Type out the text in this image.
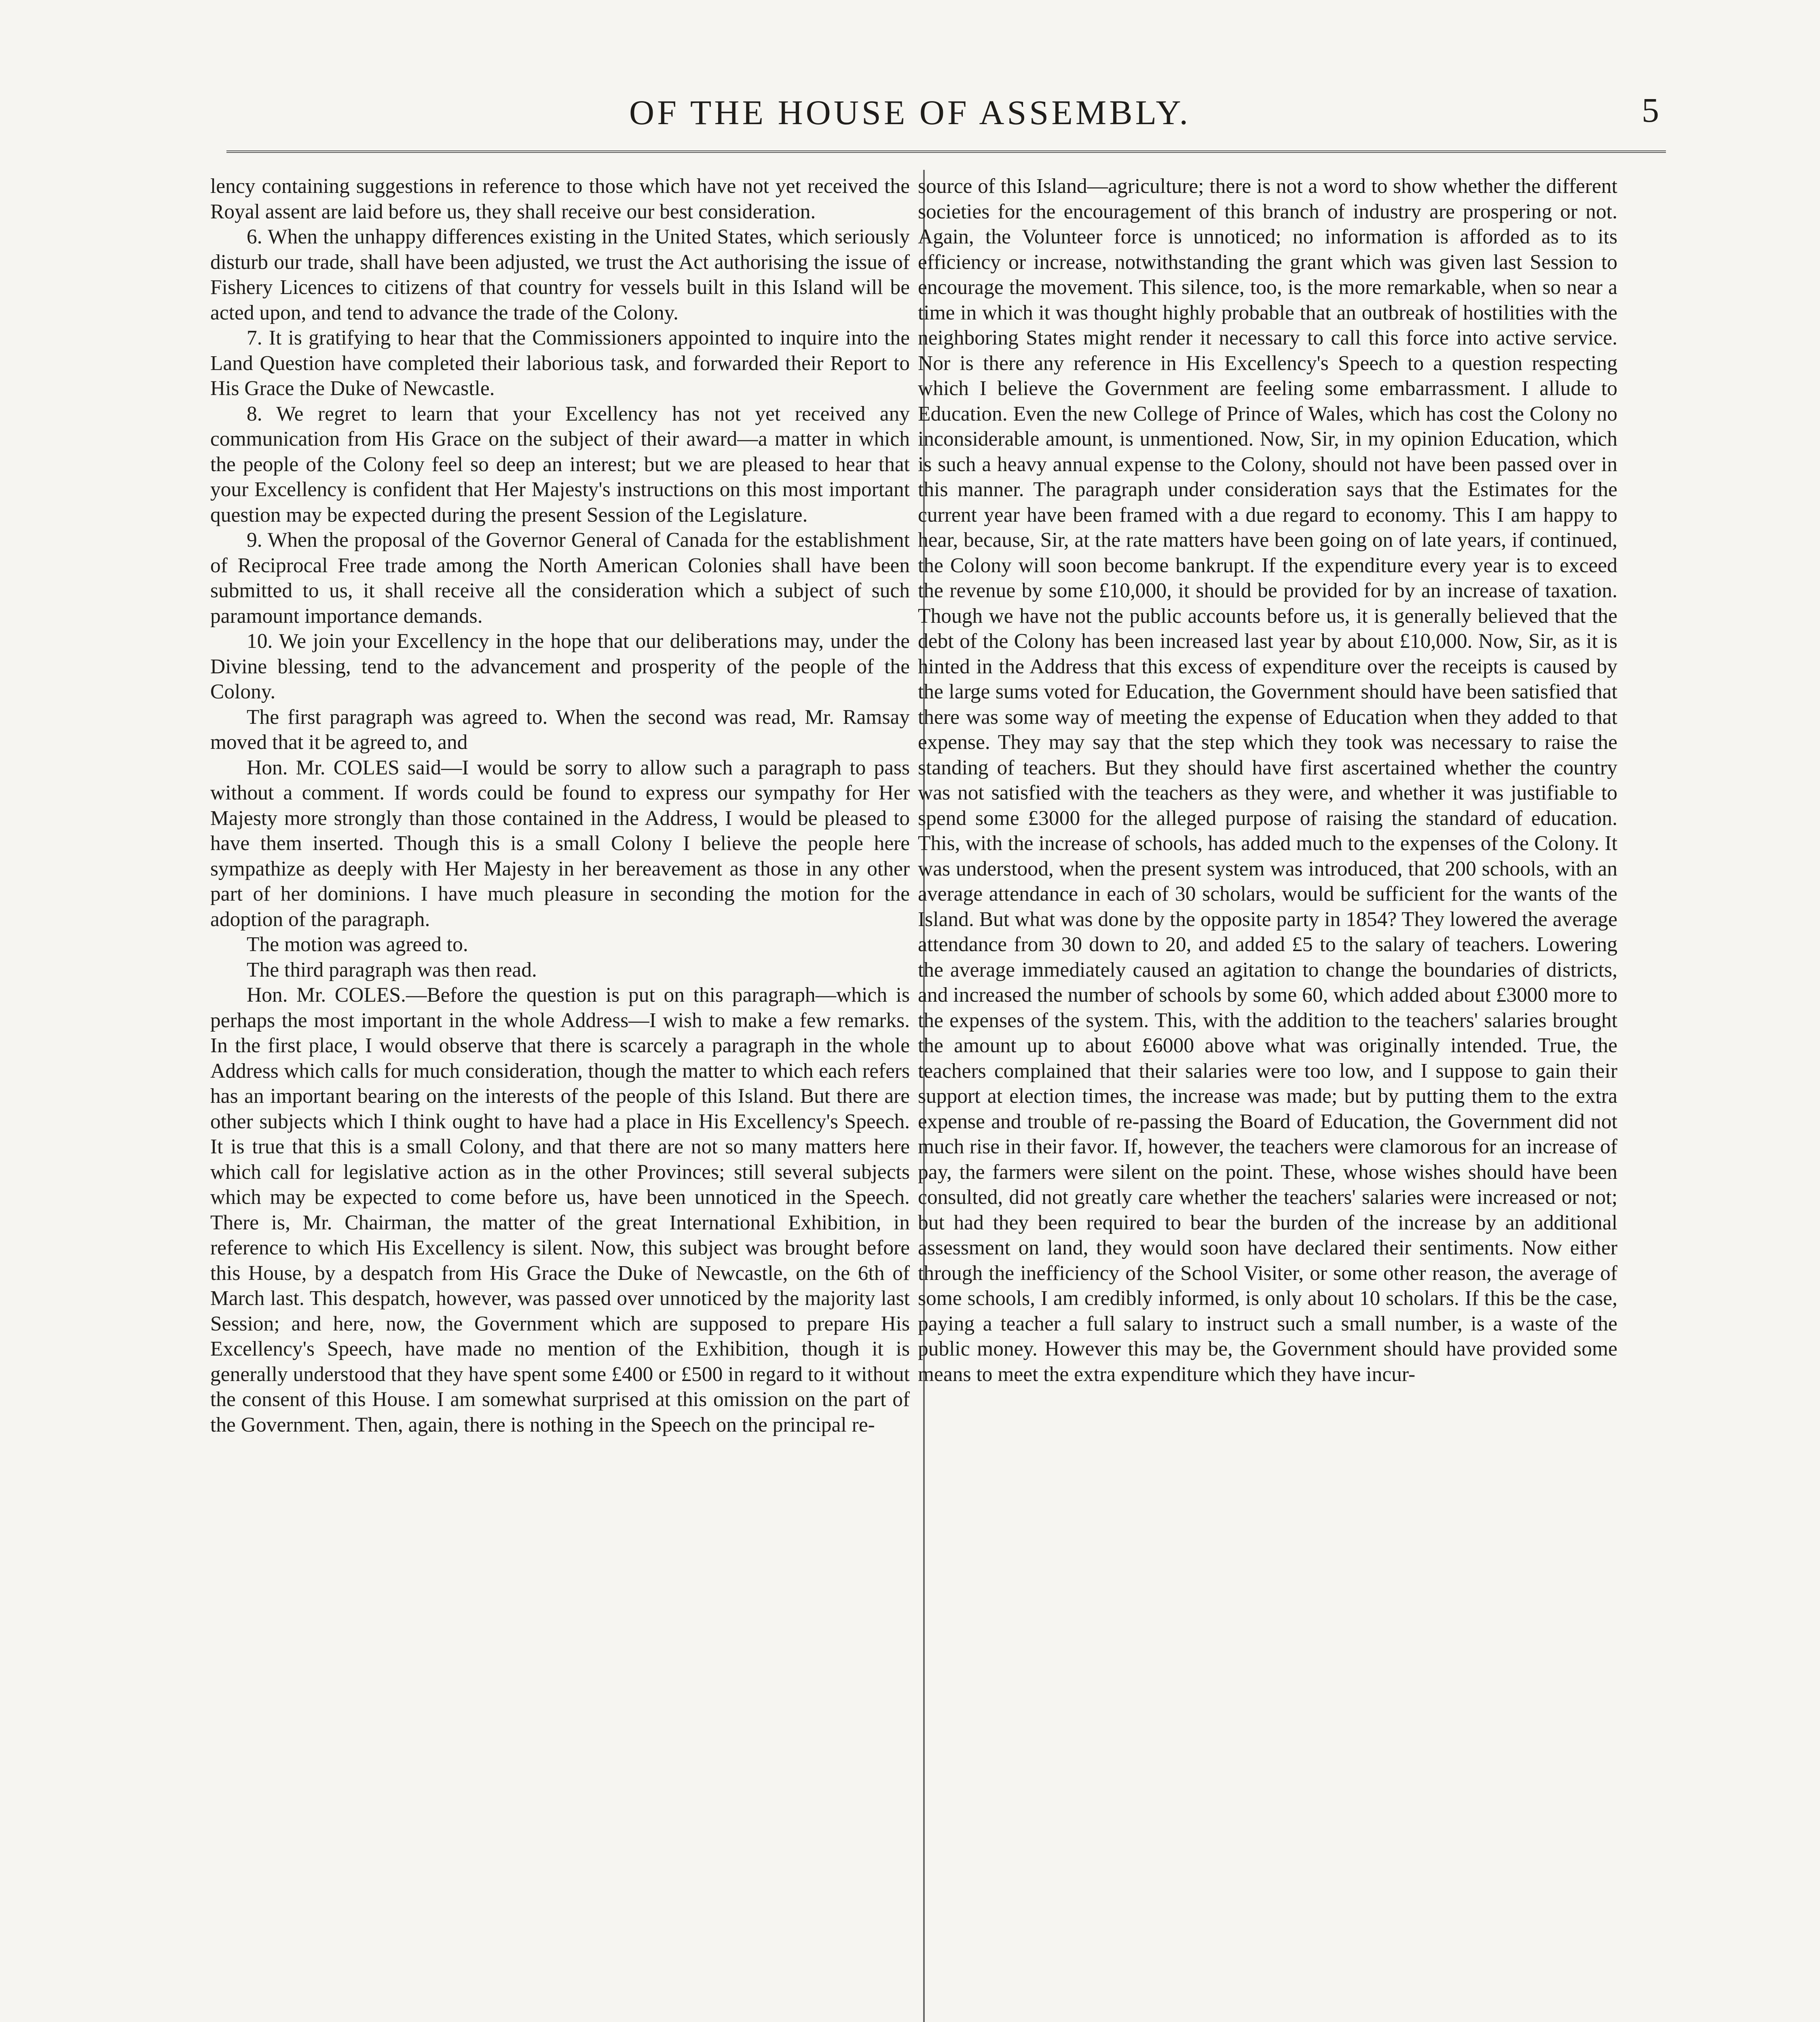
OF THE HOUSE OF ASSEMBLY.	5

lency containing suggestions in reference to those which have not yet received the Royal assent are laid before us, they shall receive our best consideration.

6. When the unhappy differences existing in the United States, which seriously disturb our trade, shall have been adjusted, we trust the Act authorising the issue of Fishery Licences to citizens of that country for vessels built in this Island will be acted upon, and tend to advance the trade of the Colony.

7. It is gratifying to hear that the Commissioners appointed to inquire into the Land Question have completed their laborious task, and forwarded their Report to His Grace the Duke of Newcastle.

8. We regret to learn that your Excellency has not yet received any communication from His Grace on the subject of their award—a matter in which the people of the Colony feel so deep an interest; but we are pleased to hear that your Excellency is confident that Her Majesty's instructions on this most important question may be expected during the present Session of the Legislature.

9. When the proposal of the Governor General of Canada for the establishment of Reciprocal Free trade among the North American Colonies shall have been submitted to us, it shall receive all the consideration which a subject of such paramount importance demands.

10. We join your Excellency in the hope that our deliberations may, under the Divine blessing, tend to the advancement and prosperity of the people of the Colony.

The first paragraph was agreed to. When the second was read, Mr. Ramsay moved that it be agreed to, and

Hon. Mr. COLES said—I would be sorry to allow such a paragraph to pass without a comment. If words could be found to express our sympathy for Her Majesty more strongly than those contained in the Address, I would be pleased to have them inserted. Though this is a small Colony I believe the people here sympathize as deeply with Her Majesty in her bereavement as those in any other part of her dominions. I have much pleasure in seconding the motion for the adoption of the paragraph.

The motion was agreed to.

The third paragraph was then read.

Hon. Mr. COLES.—Before the question is put on this paragraph—which is perhaps the most important in the whole Address—I wish to make a few remarks. In the first place, I would observe that there is scarcely a paragraph in the whole Address which calls for much consideration, though the matter to which each refers has an important bearing on the interests of the people of this Island. But there are other subjects which I think ought to have had a place in His Excellency's Speech. It is true that this is a small Colony, and that there are not so many matters here which call for legislative action as in the other Provinces; still several subjects which may be expected to come before us, have been unnoticed in the Speech. There is, Mr. Chairman, the matter of the great International Exhibition, in reference to which His Excellency is silent. Now, this subject was brought before this House, by a despatch from His Grace the Duke of Newcastle, on the 6th of March last. This despatch, however, was passed over unnoticed by the majority last Session; and here, now, the Government which are supposed to prepare His Excellency's Speech, have made no mention of the Exhibition, though it is generally understood that they have spent some £400 or £500 in regard to it without the consent of this House. I am somewhat surprised at this omission on the part of the Government. Then, again, there is nothing in the Speech on the principal re-

source of this Island—agriculture; there is not a word to show whether the different societies for the encouragement of this branch of industry are prospering or not. Again, the Volunteer force is unnoticed; no information is afforded as to its efficiency or increase, notwithstanding the grant which was given last Session to encourage the movement. This silence, too, is the more remarkable, when so near a time in which it was thought highly probable that an outbreak of hostilities with the neighboring States might render it necessary to call this force into active service. Nor is there any reference in His Excellency's Speech to a question respecting which I believe the Government are feeling some embarrassment. I allude to Education. Even the new College of Prince of Wales, which has cost the Colony no inconsiderable amount, is unmentioned. Now, Sir, in my opinion Education, which is such a heavy annual expense to the Colony, should not have been passed over in this manner. The paragraph under consideration says that the Estimates for the current year have been framed with a due regard to economy. This I am happy to hear, because, Sir, at the rate matters have been going on of late years, if continued, the Colony will soon become bankrupt. If the expenditure every year is to exceed the revenue by some £10,000, it should be provided for by an increase of taxation. Though we have not the public accounts before us, it is generally believed that the debt of the Colony has been increased last year by about £10,000. Now, Sir, as it is hinted in the Address that this excess of expenditure over the receipts is caused by the large sums voted for Education, the Government should have been satisfied that there was some way of meeting the expense of Education when they added to that expense. They may say that the step which they took was necessary to raise the standing of teachers. But they should have first ascertained whether the country was not satisfied with the teachers as they were, and whether it was justifiable to spend some £3000 for the alleged purpose of raising the standard of education. This, with the increase of schools, has added much to the expenses of the Colony. It was understood, when the present system was introduced, that 200 schools, with an average attendance in each of 30 scholars, would be sufficient for the wants of the Island. But what was done by the opposite party in 1854? They lowered the average attendance from 30 down to 20, and added £5 to the salary of teachers. Lowering the average immediately caused an agitation to change the boundaries of districts, and increased the number of schools by some 60, which added about £3000 more to the expenses of the system. This, with the addition to the teachers' salaries brought the amount up to about £6000 above what was originally intended. True, the teachers complained that their salaries were too low, and I suppose to gain their support at election times, the increase was made; but by putting them to the extra expense and trouble of re-passing the Board of Education, the Government did not much rise in their favor. If, however, the teachers were clamorous for an increase of pay, the farmers were silent on the point. These, whose wishes should have been consulted, did not greatly care whether the teachers' salaries were increased or not; but had they been required to bear the burden of the increase by an additional assessment on land, they would soon have declared their sentiments. Now either through the inefficiency of the School Visiter, or some other reason, the average of some schools, I am credibly informed, is only about 10 scholars. If this be the case, paying a teacher a full salary to instruct such a small number, is a waste of the public money. However this may be, the Government should have provided some means to meet the extra expenditure which they have incur-
